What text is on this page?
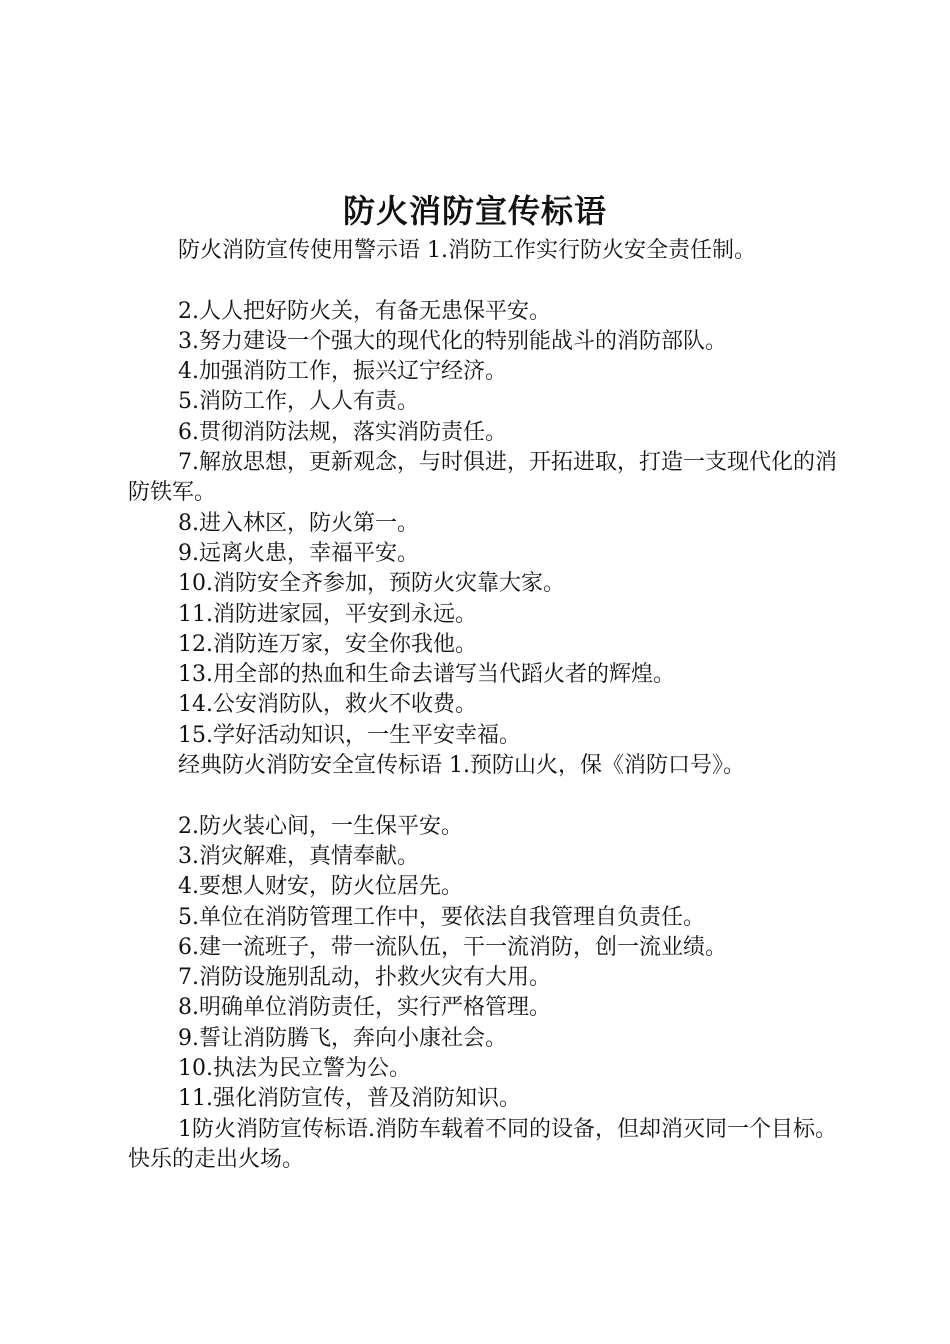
防火消防宣传标语

防火消防宣传使用警示语 1.消防工作实行防火安全责任制。

2.人人把好防火关，有备无患保平安。

3.努力建设一个强大的现代化的特别能战斗的消防部队。

4.加强消防工作，振兴辽宁经济。

5.消防工作，人人有责。

6.贯彻消防法规，落实消防责任。

7.解放思想，更新观念，与时俱进，开拓进取，打造一支现代化的消防铁军。

8.进入林区，防火第一。

9.远离火患，幸福平安。

10.消防安全齐参加，预防火灾靠大家。

11.消防进家园，平安到永远。

12.消防连万家，安全你我他。

13.用全部的热血和生命去谱写当代蹈火者的辉煌。

14.公安消防队，救火不收费。

15.学好活动知识，一生平安幸福。

经典防火消防安全宣传标语 1.预防山火，保《消防口号》。

2.防火装心间，一生保平安。

3.消灾解难，真情奉献。

4.要想人财安，防火位居先。

5.单位在消防管理工作中，要依法自我管理自负责任。

6.建一流班子，带一流队伍，干一流消防，创一流业绩。

7.消防设施别乱动，扑救火灾有大用。

8.明确单位消防责任，实行严格管理。

9.誓让消防腾飞，奔向小康社会。

10.执法为民立警为公。

11.强化消防宣传，普及消防知识。

1防火消防宣传标语.消防车载着不同的设备，但却消灭同一个目标。快乐的走出火场。
